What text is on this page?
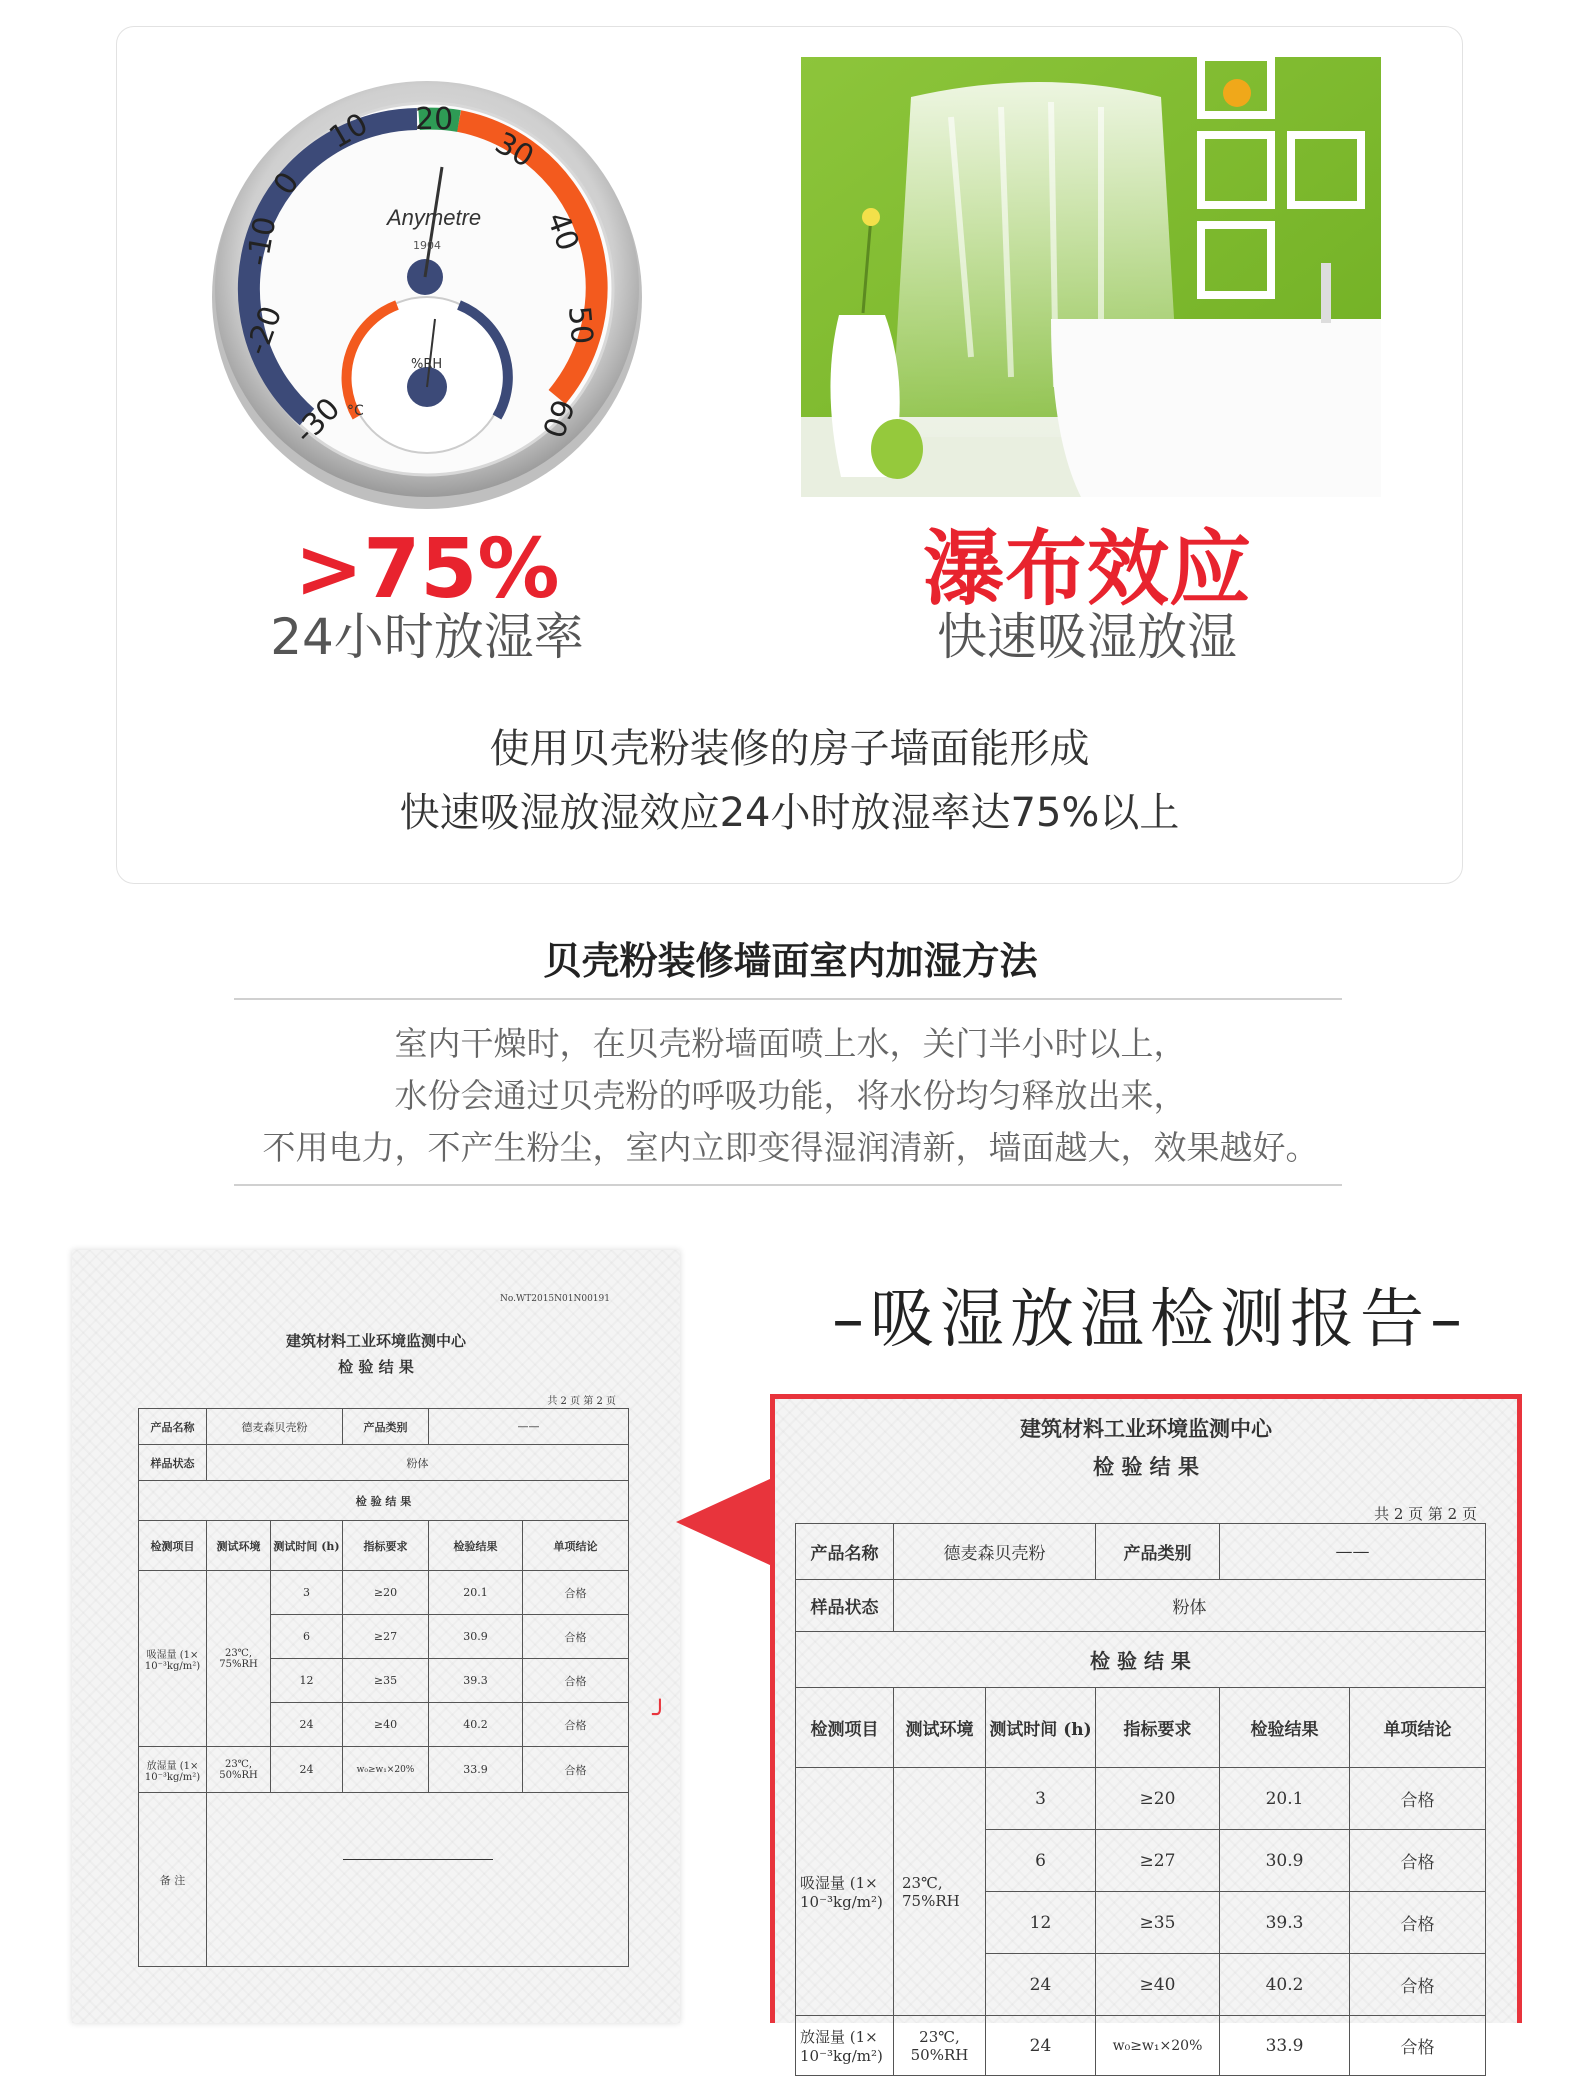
-30
-20
-10
0
10 20
30
40
50
60
Anymetre
1904
%RH
°C
>75%
24小时放湿率
瀑布效应
快速吸湿放湿
使用贝壳粉装修的房子墙面能形成
快速吸湿放湿效应24小时放湿率达75%以上
贝壳粉装修墙面室内加湿方法
室内干燥时，在贝壳粉墙面喷上水，关门半小时以上，
水份会通过贝壳粉的呼吸功能，将水份均匀释放出来，
不用电力，不产生粉尘，室内立即变得湿润清新，墙面越大，效果越好。
–吸湿放温检测报告–
No.WT2015N01N00191
建筑材料工业环境监测中心
检 验 结 果
共 2 页 第 2 页
产品名称	德麦森贝壳粉		产品类别	——	
样品状态	粉体				
检 验 结 果					
检测项目	测试环境	测试时间 (h)	指标要求	检验结果	单项结论
吸湿量 (1× 10⁻³kg/m²)	23℃, 75%RH	3	≥20	20.1	合格
		6	≥27	30.9	合格
		12	≥35	39.3	合格
		24	≥40	40.2	合格
放湿量 (1× 10⁻³kg/m²)	23℃, 50%RH	24	w₀≥w₁×20%	33.9	合格
备 注					
╯
建筑材料工业环境监测中心
检 验 结 果
共 2 页 第 2 页
产品名称	德麦森贝壳粉		产品类别	——	
样品状态	粉体				
检 验 结 果					
检测项目	测试环境	测试时间 (h)	指标要求	检验结果	单项结论
吸湿量 (1× 10⁻³kg/m²)	23℃, 75%RH	3	≥20	20.1	合格
		6	≥27	30.9	合格
		12	≥35	39.3	合格
		24	≥40	40.2	合格
放湿量 (1× 10⁻³kg/m²)	23℃, 50%RH	24	w₀≥w₁×20%	33.9	合格
